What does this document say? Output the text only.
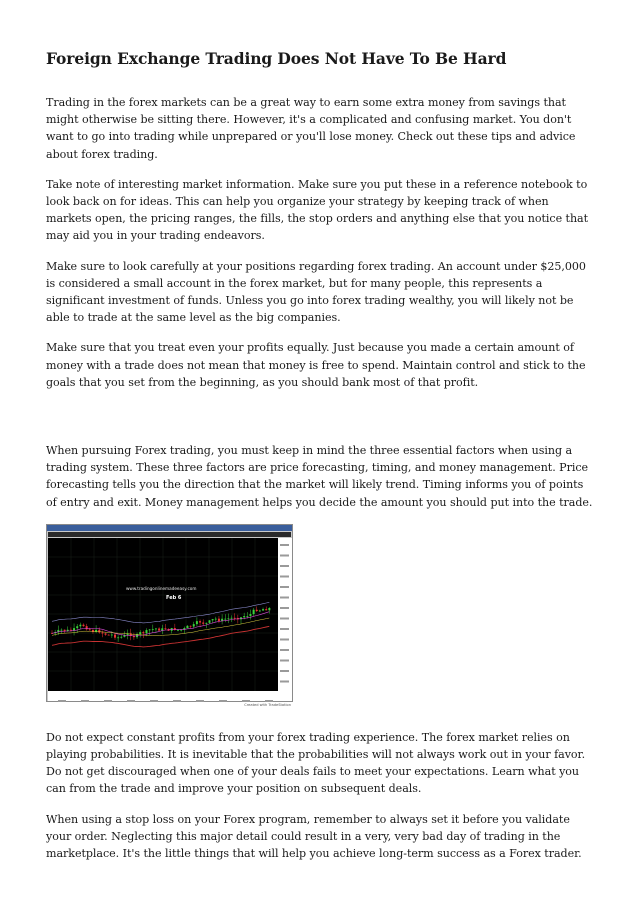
Foreign Exchange Trading Does Not Have To Be Hard

Trading in the forex markets can be a great way to earn some extra money from savings that might otherwise be sitting there. However, it's a complicated and confusing market. You don't want to go into trading while unprepared or you'll lose money. Check out these tips and advice about forex trading.

Take note of interesting market information. Make sure you put these in a reference notebook to look back on for ideas. This can help you organize your strategy by keeping track of when markets open, the pricing ranges, the fills, the stop orders and anything else that you notice that may aid you in your trading endeavors.

Make sure to look carefully at your positions regarding forex trading. An account under $25,000 is considered a small account in the forex market, but for many people, this represents a significant investment of funds. Unless you go into forex trading wealthy, you will likely not be able to trade at the same level as the big companies.

Make sure that you treat even your profits equally. Just because you made a certain amount of money with a trade does not mean that money is free to spend. Maintain control and stick to the goals that you set from the beginning, as you should bank most of that profit.

When pursuing Forex trading, you must keep in mind the three essential factors when using a trading system. These three factors are price forecasting, timing, and money management. Price forecasting tells you the direction that the market will likely trend. Timing informs you of points of entry and exit. Money management helps you decide the amount you should put into the trade.

www.tradingonlinemadeeasy.com
Feb 6
Created with TradeStation

Do not expect constant profits from your forex trading experience. The forex market relies on playing probabilities. It is inevitable that the probabilities will not always work out in your favor. Do not get discouraged when one of your deals fails to meet your expectations. Learn what you can from the trade and improve your position on subsequent deals.

When using a stop loss on your Forex program, remember to always set it before you validate your order. Neglecting this major detail could result in a very, very bad day of trading in the marketplace. It's the little things that will help you achieve long-term success as a Forex trader.
